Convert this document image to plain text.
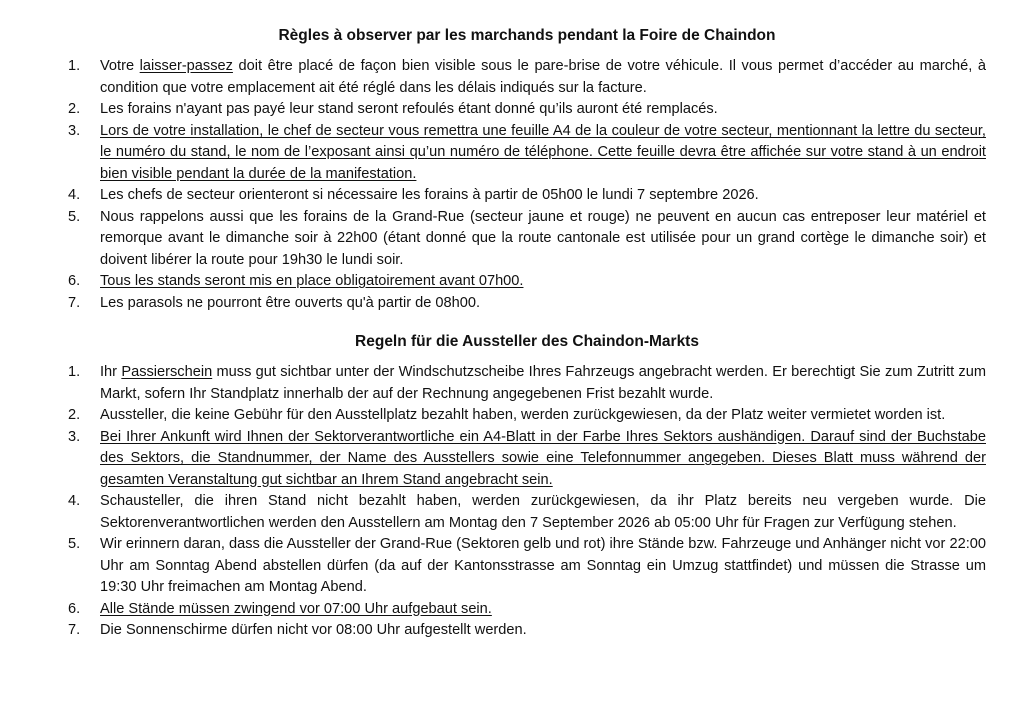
Règles à observer par les marchands pendant la Foire de Chaindon
1. Votre laisser-passez doit être placé de façon bien visible sous le pare-brise de votre véhicule. Il vous permet d’accéder au marché, à condition que votre emplacement ait été réglé dans les délais indiqués sur la facture.
2. Les forains n'ayant pas payé leur stand seront refoulés étant donné qu’ils auront été remplacés.
3. Lors de votre installation, le chef de secteur vous remettra une feuille A4 de la couleur de votre secteur, mentionnant la lettre du secteur, le numéro du stand, le nom de l’exposant ainsi qu’un numéro de téléphone. Cette feuille devra être affichée sur votre stand à un endroit bien visible pendant la durée de la manifestation.
4. Les chefs de secteur orienteront si nécessaire les forains à partir de 05h00 le lundi 7 septembre 2026.
5. Nous rappelons aussi que les forains de la Grand-Rue (secteur jaune et rouge) ne peuvent en aucun cas entreposer leur matériel et remorque avant le dimanche soir à 22h00 (étant donné que la route cantonale est utilisée pour un grand cortège le dimanche soir) et doivent libérer la route pour 19h30 le lundi soir.
6. Tous les stands seront mis en place obligatoirement avant 07h00.
7. Les parasols ne pourront être ouverts qu'à partir de 08h00.
Regeln für die Aussteller des Chaindon-Markts
1. Ihr Passierschein muss gut sichtbar unter der Windschutzscheibe Ihres Fahrzeugs angebracht werden. Er berechtigt Sie zum Zutritt zum Markt, sofern Ihr Standplatz innerhalb der auf der Rechnung angegebenen Frist bezahlt wurde.
2. Aussteller, die keine Gebühr für den Ausstellplatz bezahlt haben, werden zurückgewiesen, da der Platz weiter vermietet worden ist.
3. Bei Ihrer Ankunft wird Ihnen der Sektorverantwortliche ein A4-Blatt in der Farbe Ihres Sektors aushändigen. Darauf sind der Buchstabe des Sektors, die Standnummer, der Name des Ausstellers sowie eine Telefonnummer angegeben. Dieses Blatt muss während der gesamten Veranstaltung gut sichtbar an Ihrem Stand angebracht sein.
4. Schausteller, die ihren Stand nicht bezahlt haben, werden zurückgewiesen, da ihr Platz bereits neu vergeben wurde. Die Sektorenverantwortlichen werden den Ausstellern am Montag den 7 September 2026 ab 05:00 Uhr für Fragen zur Verfügung stehen.
5. Wir erinnern daran, dass die Aussteller der Grand-Rue (Sektoren gelb und rot) ihre Stände bzw. Fahrzeuge und Anhänger nicht vor 22:00 Uhr am Sonntag Abend abstellen dürfen (da auf der Kantonsstrasse am Sonntag ein Umzug stattfindet) und müssen die Strasse um 19:30 Uhr freimachen am Montag Abend.
6. Alle Stände müssen zwingend vor 07:00 Uhr aufgebaut sein.
7. Die Sonnenschirme dürfen nicht vor 08:00 Uhr aufgestellt werden.
